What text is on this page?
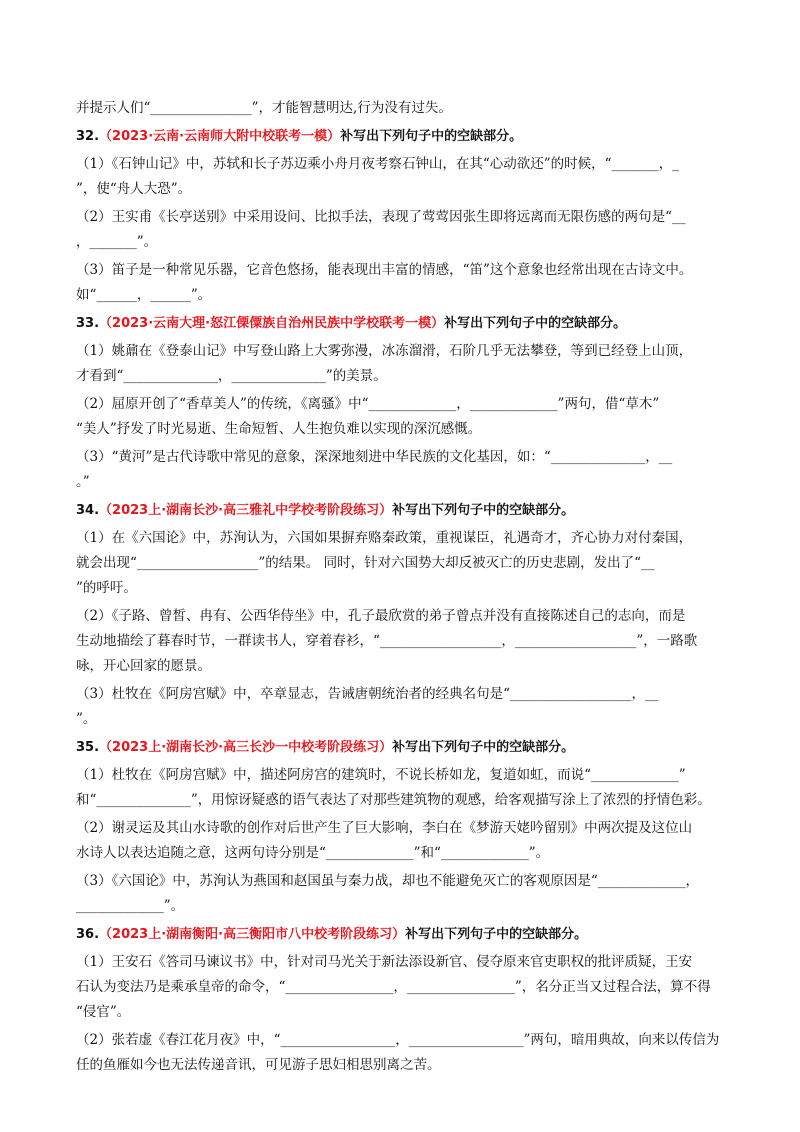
并提示人们“_______________”，才能智慧明达,行为没有过失。
32.（2023·云南·云南师大附中校联考一模）补写出下列句子中的空缺部分。
（1）《石钟山记》中，苏轼和长子苏迈乘小舟月夜考察石钟山，在其“心动欲还”的时候，“_______，_
”，使“舟人大恐”。
（2）王实甫《长亭送别》中采用设问、比拟手法，表现了莺莺因张生即将远离而无限伤感的两句是“__
，_______”。
（3）笛子是一种常见乐器，它音色悠扬，能表现出丰富的情感，“笛”这个意象也经常出现在古诗文中。
如“______，______”。
33.（2023·云南大理·怒江傈僳族自治州民族中学校联考一模）补写出下列句子中的空缺部分。
（1）姚鼐在《登泰山记》中写登山路上大雾弥漫，冰冻溜滑，石阶几乎无法攀登，等到已经登上山顶，
才看到“______________，______________”的美景。
（2）屈原开创了“香草美人”的传统，《离骚》中“_____________，_____________”两句，借“草木”
“美人”抒发了时光易逝、生命短暂、人生抱负难以实现的深沉感慨。
（3）“黄河”是古代诗歌中常见的意象，深深地刻进中华民族的文化基因，如：“______________，__
。”
34.（2023上·湖南长沙·高三雅礼中学校考阶段练习）补写出下列句子中的空缺部分。
（1）在《六国论》中，苏洵认为，六国如果摒弃赂秦政策，重视谋臣，礼遇奇才，齐心协力对付秦国，
就会出现“__________________”的结果。 同时，针对六国势大却反被灭亡的历史悲剧，发出了“__
”的呼吁。
（2）《子路、曾皙、冉有、公西华侍坐》中，孔子最欣赏的弟子曾点并没有直接陈述自己的志向，而是
生动地描绘了暮春时节，一群读书人，穿着春衫，“__________________，__________________”，一路歌
咏，开心回家的愿景。
（3）杜牧在《阿房宫赋》中，卒章显志，告诫唐朝统治者的经典名句是“__________________，__
”。
35.（2023上·湖南长沙·高三长沙一中校考阶段练习）补写出下列句子中的空缺部分。
（1）杜牧在《阿房宫赋》中，描述阿房宫的建筑时，不说长桥如龙，复道如虹，而说“_____________”
和“______________”，用惊讶疑惑的语气表达了对那些建筑物的观感，给客观描写涂上了浓烈的抒情色彩。
（2）谢灵运及其山水诗歌的创作对后世产生了巨大影响，李白在《梦游天姥吟留别》中两次提及这位山
水诗人以表达追随之意，这两句诗分别是“_____________”和“_____________”。
（3）《六国论》中，苏洵认为燕国和赵国虽与秦力战，却也不能避免灭亡的客观原因是“_____________，
_____________”。
36.（2023上·湖南衡阳·高三衡阳市八中校考阶段练习）补写出下列句子中的空缺部分。
（1）王安石《答司马谏议书》中，针对司马光关于新法添设新官、侵夺原来官吏职权的批评质疑，王安
石认为变法乃是乘承皇帝的命令，“________________，________________”，名分正当又过程合法，算不得
“侵官”。
（2）张若虚《春江花月夜》中，“_________________，_________________”两句，暗用典故，向来以传信为
任的鱼雁如今也无法传递音讯，可见游子思妇相思别离之苦。
